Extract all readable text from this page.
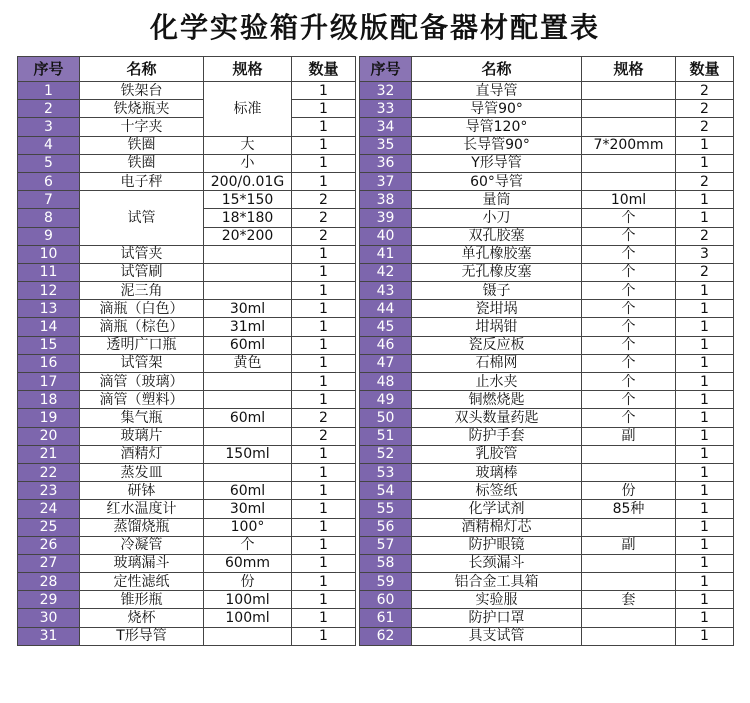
化学实验箱升级版配备器材配置表
序号	名称	规格	数量
1	铁架台	标准	1
2	铁烧瓶夹		1
3	十字夹		1
4	铁圈	大	1
5	铁圈	小	1
6	电子秤	200/0.01G	1
7	试管	15*150	2
8		18*180	2
9		20*200	2
10	试管夹		1
11	试管刷		1
12	泥三角		1
13	滴瓶（白色）	30ml	1
14	滴瓶（棕色）	31ml	1
15	透明广口瓶	60ml	1
16	试管架	黄色	1
17	滴管（玻璃）		1
18	滴管（塑料）		1
19	集气瓶	60ml	2
20	玻璃片		2
21	酒精灯	150ml	1
22	蒸发皿		1
23	研钵	60ml	1
24	红水温度计	30ml	1
25	蒸馏烧瓶	100°	1
26	冷凝管	个	1
27	玻璃漏斗	60mm	1
28	定性滤纸	份	1
29	锥形瓶	100ml	1
30	烧杯	100ml	1
31	T形导管		1
序号	名称	规格	数量
32	直导管		2
33	导管90°		2
34	导管120°		2
35	长导管90°	7*200mm	1
36	Y形导管		1
37	60°导管		2
38	量筒	10ml	1
39	小刀	个	1
40	双孔胶塞	个	2
41	单孔橡胶塞	个	3
42	无孔橡皮塞	个	2
43	镊子	个	1
44	瓷坩埚	个	1
45	坩埚钳	个	1
46	瓷反应板	个	1
47	石棉网	个	1
48	止水夹	个	1
49	铜燃烧匙	个	1
50	双头数量药匙	个	1
51	防护手套	副	1
52	乳胶管		1
53	玻璃棒		1
54	标签纸	份	1
55	化学试剂	85种	1
56	酒精棉灯芯		1
57	防护眼镜	副	1
58	长颈漏斗		1
59	铝合金工具箱		1
60	实验服	套	1
61	防护口罩		1
62	具支试管		1
